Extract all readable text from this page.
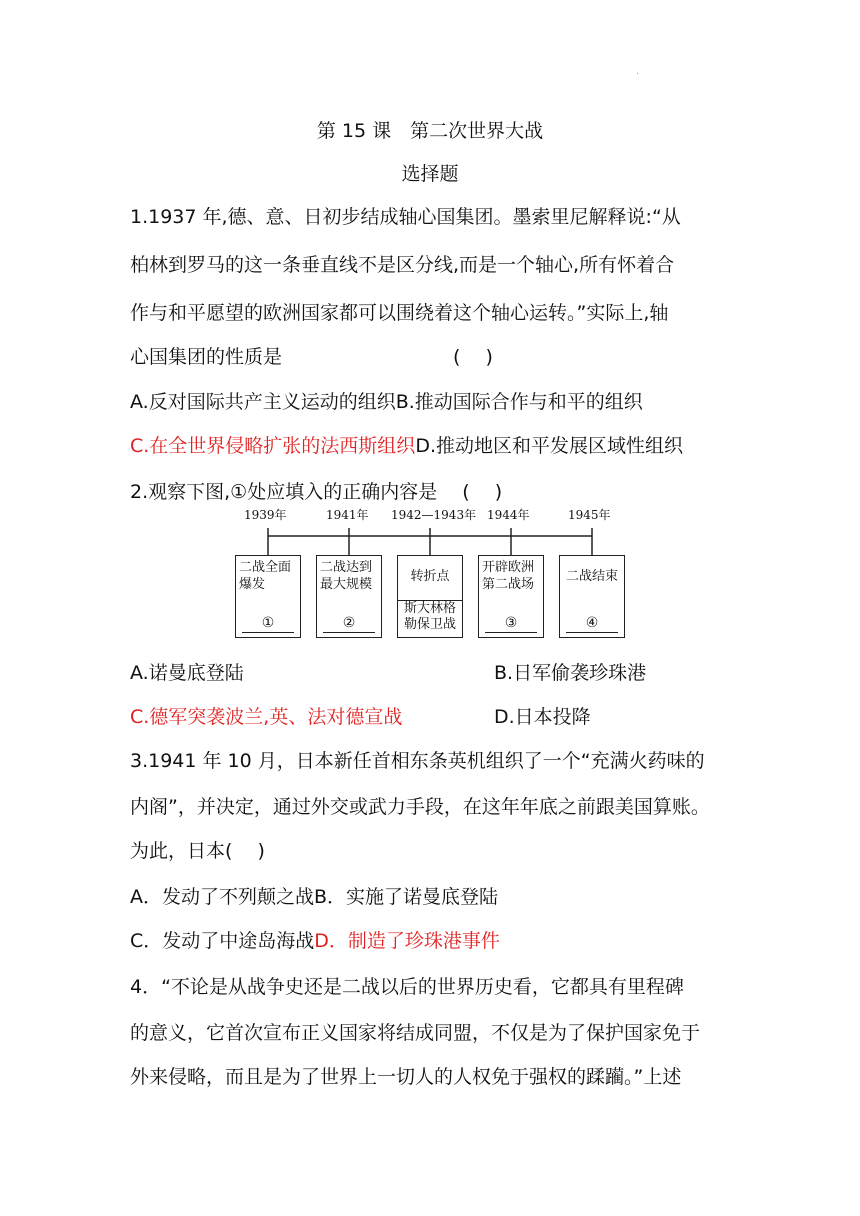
.
第 15 课　第二次世界大战
选择题
1.1937 年,德、意、日初步结成轴心国集团。墨索里尼解释说:“从
柏林到罗马的这一条垂直线不是区分线,而是一个轴心,所有怀着合
作与和平愿望的欧洲国家都可以围绕着这个轴心运转。”实际上,轴
心国集团的性质是　　　　　　　　　(　 )
A.反对国际共产主义运动的组织B.推动国际合作与和平的组织
C.在全世界侵略扩张的法西斯组织D.推动地区和平发展区域性组织
2.观察下图,①处应填入的正确内容是　 (　 )
1939年	1941年 1942—1943年 1944年	1945年
二战全面
爆发
①
二战达到
最大规模
②
转折点
斯大林格
勒保卫战
开辟欧洲
第二战场
③
二战结束
④
A.诺曼底登陆	B.日军偷袭珍珠港
C.德军突袭波兰,英、法对德宣战	D.日本投降
3.1941 年 10 月，日本新任首相东条英机组织了一个“充满火药味的
内阁”，并决定，通过外交或武力手段，在这年年底之前跟美国算账。
为此，日本(　 )
A．发动了不列颠之战B．实施了诺曼底登陆
C．发动了中途岛海战D．制造了珍珠港事件
4．“不论是从战争史还是二战以后的世界历史看，它都具有里程碑
的意义，它首次宣布正义国家将结成同盟，不仅是为了保护国家免于
外来侵略，而且是为了世界上一切人的人权免于强权的蹂躏。”上述
